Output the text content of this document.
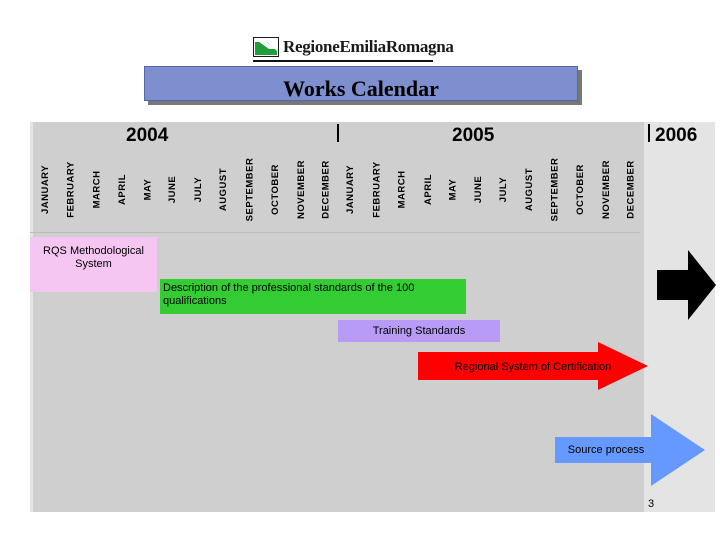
RegioneEmiliaRomagna
Works Calendar
2004	2005	2006
JANUARY FEBRUARY MARCH APRIL MAY JUNE JULY AUGUST SEPTEMBER OCTOBER NOVEMBER DECEMBER JANUARY FEBRUARY MARCH APRIL MAY JUNE JULY AUGUST SEPTEMBER OCTOBER NOVEMBER DECEMBER
RQS Methodological System
Description of the professional standards of the 100 qualifications
Training Standards
Regional System of Certification
Source process
3
